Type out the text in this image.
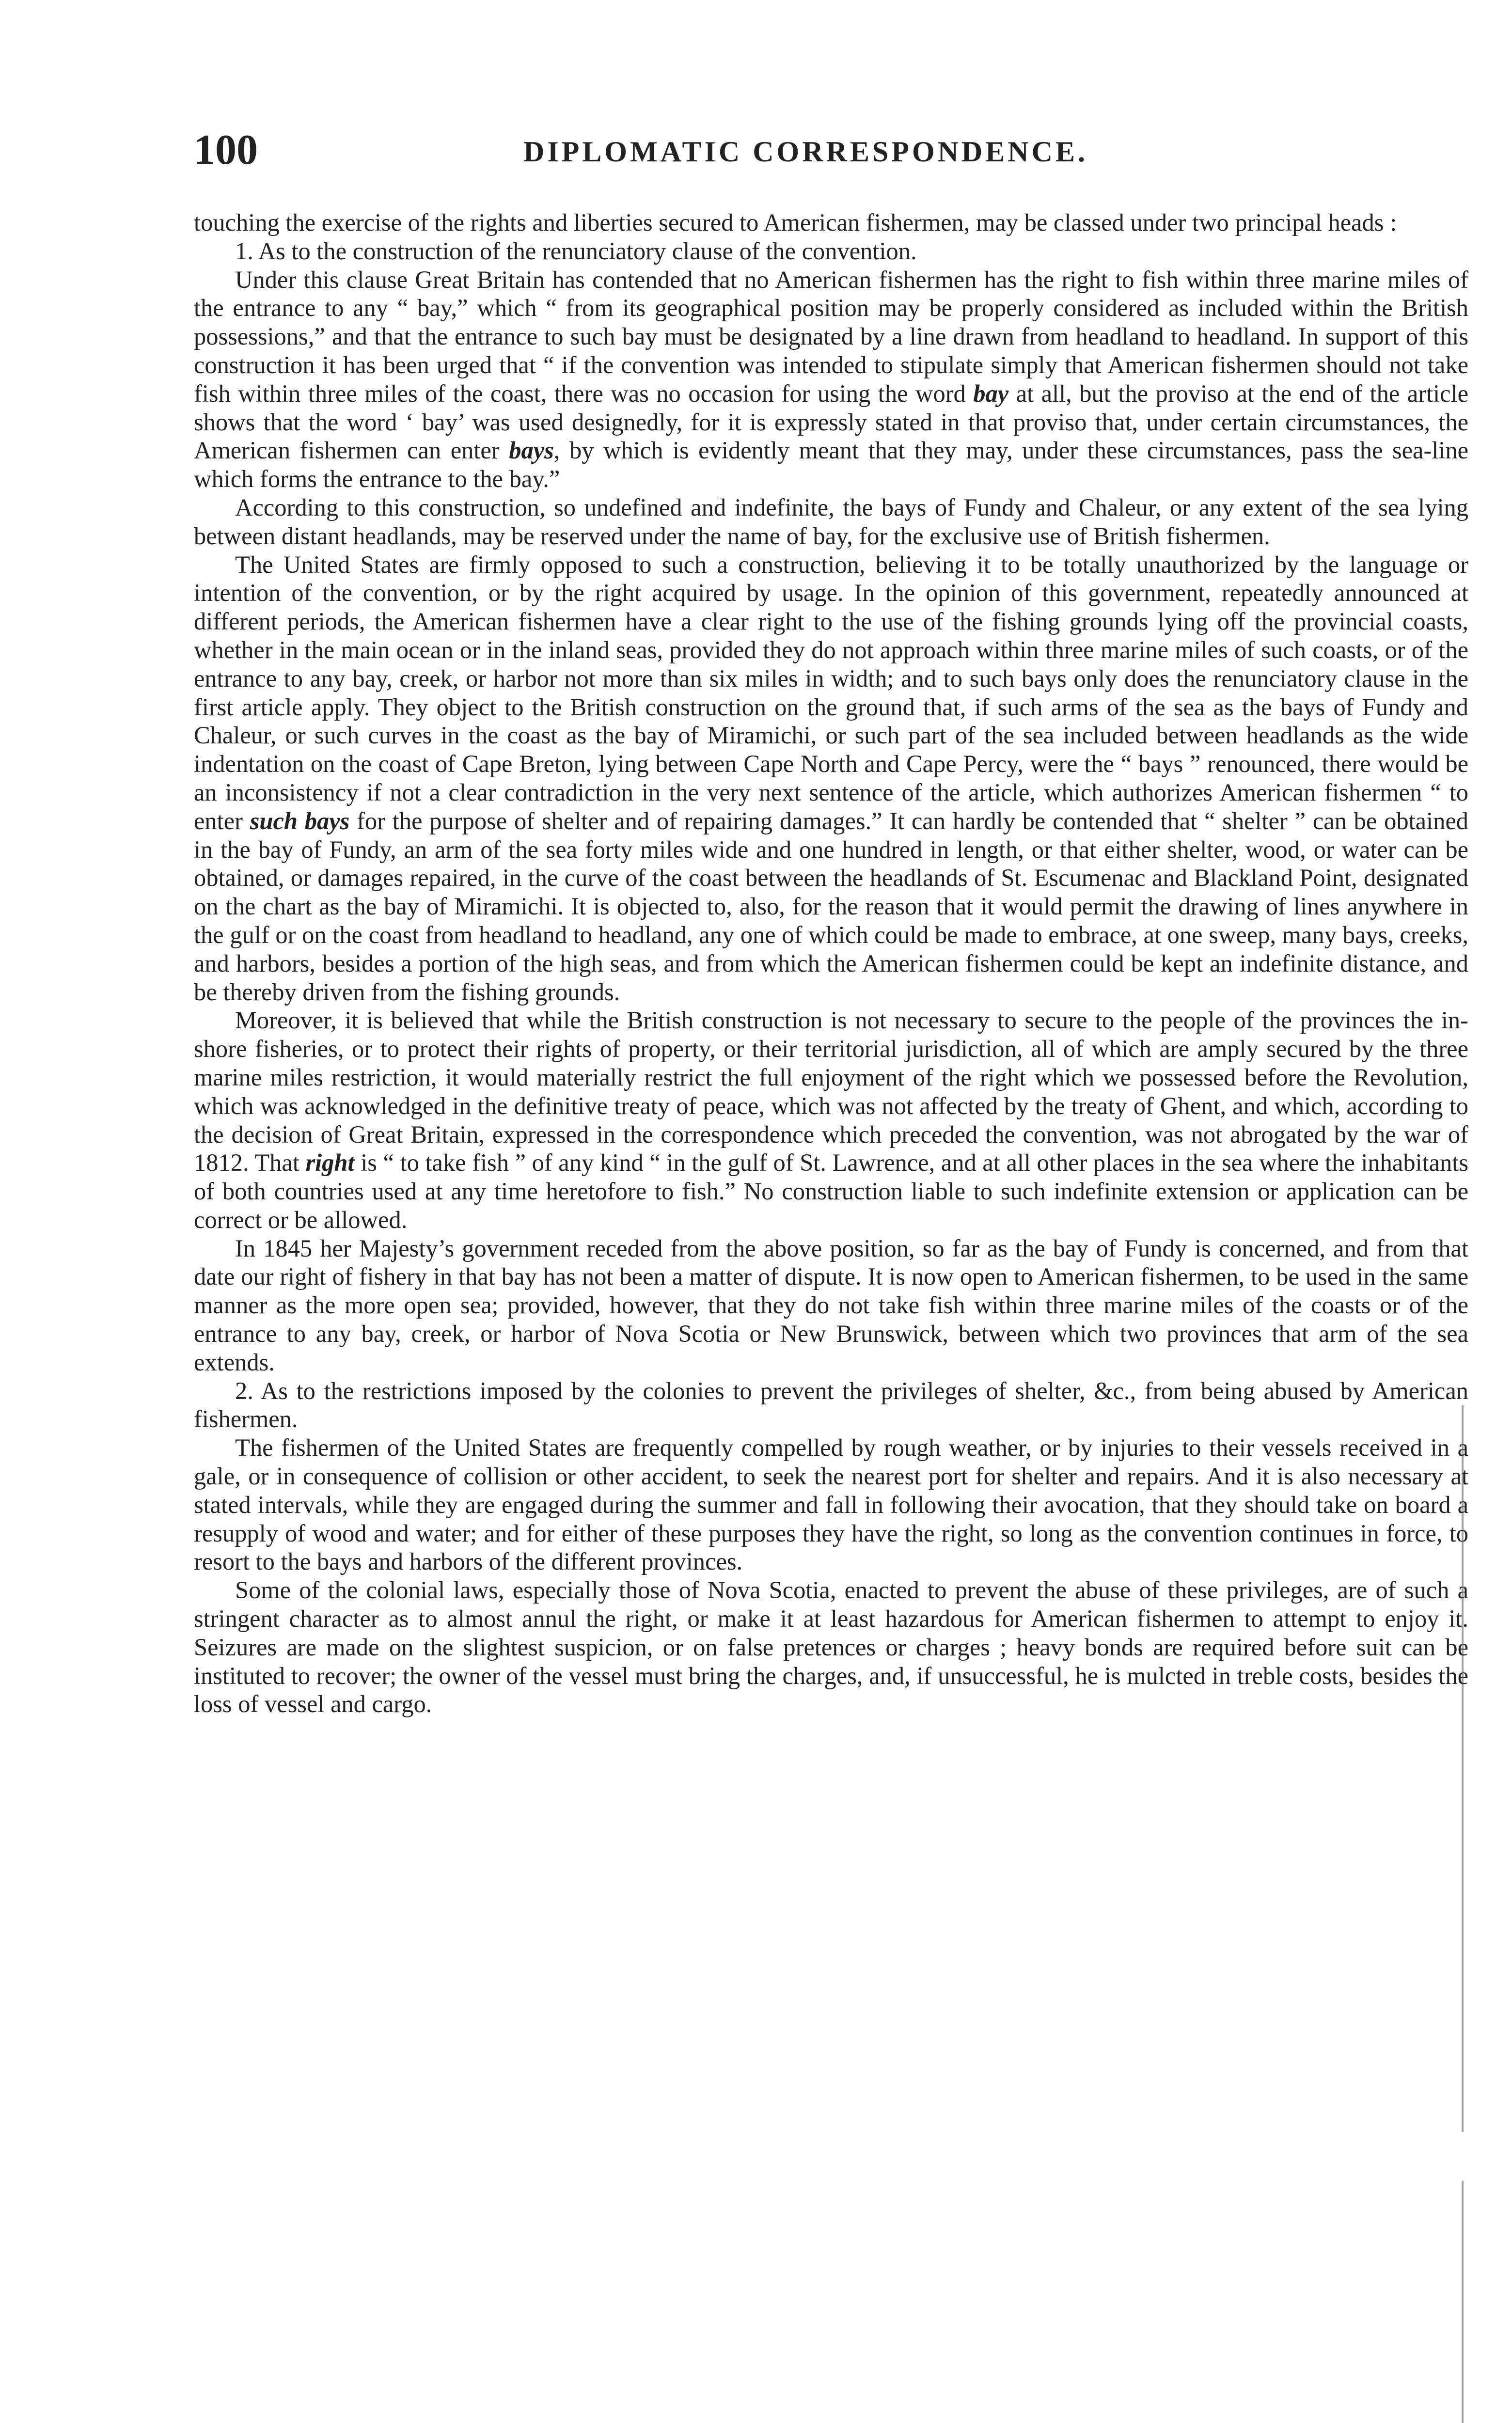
100	DIPLOMATIC CORRESPONDENCE.

touching the exercise of the rights and liberties secured to American fishermen, may be classed under two principal heads :

1. As to the construction of the renunciatory clause of the convention.

Under this clause Great Britain has contended that no American fishermen has the right to fish within three marine miles of the entrance to any “ bay,” which “ from its geographical position may be properly considered as included within the British possessions,” and that the entrance to such bay must be designated by a line drawn from headland to headland. In support of this construction it has been urged that “ if the convention was intended to stipulate simply that American fishermen should not take fish within three miles of the coast, there was no occasion for using the word bay at all, but the proviso at the end of the article shows that the word ‘ bay’ was used designedly, for it is expressly stated in that proviso that, under certain circumstances, the American fishermen can enter bays, by which is evidently meant that they may, under these circumstances, pass the sea-line which forms the entrance to the bay.”

According to this construction, so undefined and indefinite, the bays of Fundy and Chaleur, or any extent of the sea lying between distant headlands, may be reserved under the name of bay, for the exclusive use of British fishermen.

The United States are firmly opposed to such a construction, believing it to be totally unauthorized by the language or intention of the convention, or by the right acquired by usage. In the opinion of this government, repeatedly announced at different periods, the American fishermen have a clear right to the use of the fishing grounds lying off the provincial coasts, whether in the main ocean or in the inland seas, provided they do not approach within three marine miles of such coasts, or of the entrance to any bay, creek, or harbor not more than six miles in width; and to such bays only does the renunciatory clause in the first article apply. They object to the British construction on the ground that, if such arms of the sea as the bays of Fundy and Chaleur, or such curves in the coast as the bay of Miramichi, or such part of the sea included between headlands as the wide indentation on the coast of Cape Breton, lying between Cape North and Cape Percy, were the “ bays ” renounced, there would be an inconsistency if not a clear contradiction in the very next sentence of the article, which authorizes American fishermen “ to enter such bays for the purpose of shelter and of repairing damages.” It can hardly be contended that “ shelter ” can be obtained in the bay of Fundy, an arm of the sea forty miles wide and one hundred in length, or that either shelter, wood, or water can be obtained, or damages repaired, in the curve of the coast between the headlands of St. Escumenac and Blackland Point, designated on the chart as the bay of Miramichi. It is objected to, also, for the reason that it would permit the drawing of lines anywhere in the gulf or on the coast from headland to headland, any one of which could be made to embrace, at one sweep, many bays, creeks, and harbors, besides a portion of the high seas, and from which the American fishermen could be kept an indefinite distance, and be thereby driven from the fishing grounds.

Moreover, it is believed that while the British construction is not necessary to secure to the people of the provinces the in-shore fisheries, or to protect their rights of property, or their territorial jurisdiction, all of which are amply secured by the three marine miles restriction, it would materially restrict the full enjoyment of the right which we possessed before the Revolution, which was acknowledged in the definitive treaty of peace, which was not affected by the treaty of Ghent, and which, according to the decision of Great Britain, expressed in the correspondence which preceded the convention, was not abrogated by the war of 1812. That right is “ to take fish ” of any kind “ in the gulf of St. Lawrence, and at all other places in the sea where the inhabitants of both countries used at any time heretofore to fish.” No construction liable to such indefinite extension or application can be correct or be allowed.

In 1845 her Majesty’s government receded from the above position, so far as the bay of Fundy is concerned, and from that date our right of fishery in that bay has not been a matter of dispute. It is now open to American fishermen, to be used in the same manner as the more open sea; provided, however, that they do not take fish within three marine miles of the coasts or of the entrance to any bay, creek, or harbor of Nova Scotia or New Brunswick, between which two provinces that arm of the sea extends.

2. As to the restrictions imposed by the colonies to prevent the privileges of shelter, &c., from being abused by American fishermen.

The fishermen of the United States are frequently compelled by rough weather, or by injuries to their vessels received in a gale, or in consequence of collision or other accident, to seek the nearest port for shelter and repairs. And it is also necessary at stated intervals, while they are engaged during the summer and fall in following their avocation, that they should take on board a resupply of wood and water; and for either of these purposes they have the right, so long as the convention continues in force, to resort to the bays and harbors of the different provinces.

Some of the colonial laws, especially those of Nova Scotia, enacted to prevent the abuse of these privileges, are of such a stringent character as to almost annul the right, or make it at least hazardous for American fishermen to attempt to enjoy it. Seizures are made on the slightest suspicion, or on false pretences or charges ; heavy bonds are required before suit can be instituted to recover; the owner of the vessel must bring the charges, and, if unsuccessful, he is mulcted in treble costs, besides the loss of vessel and cargo.
